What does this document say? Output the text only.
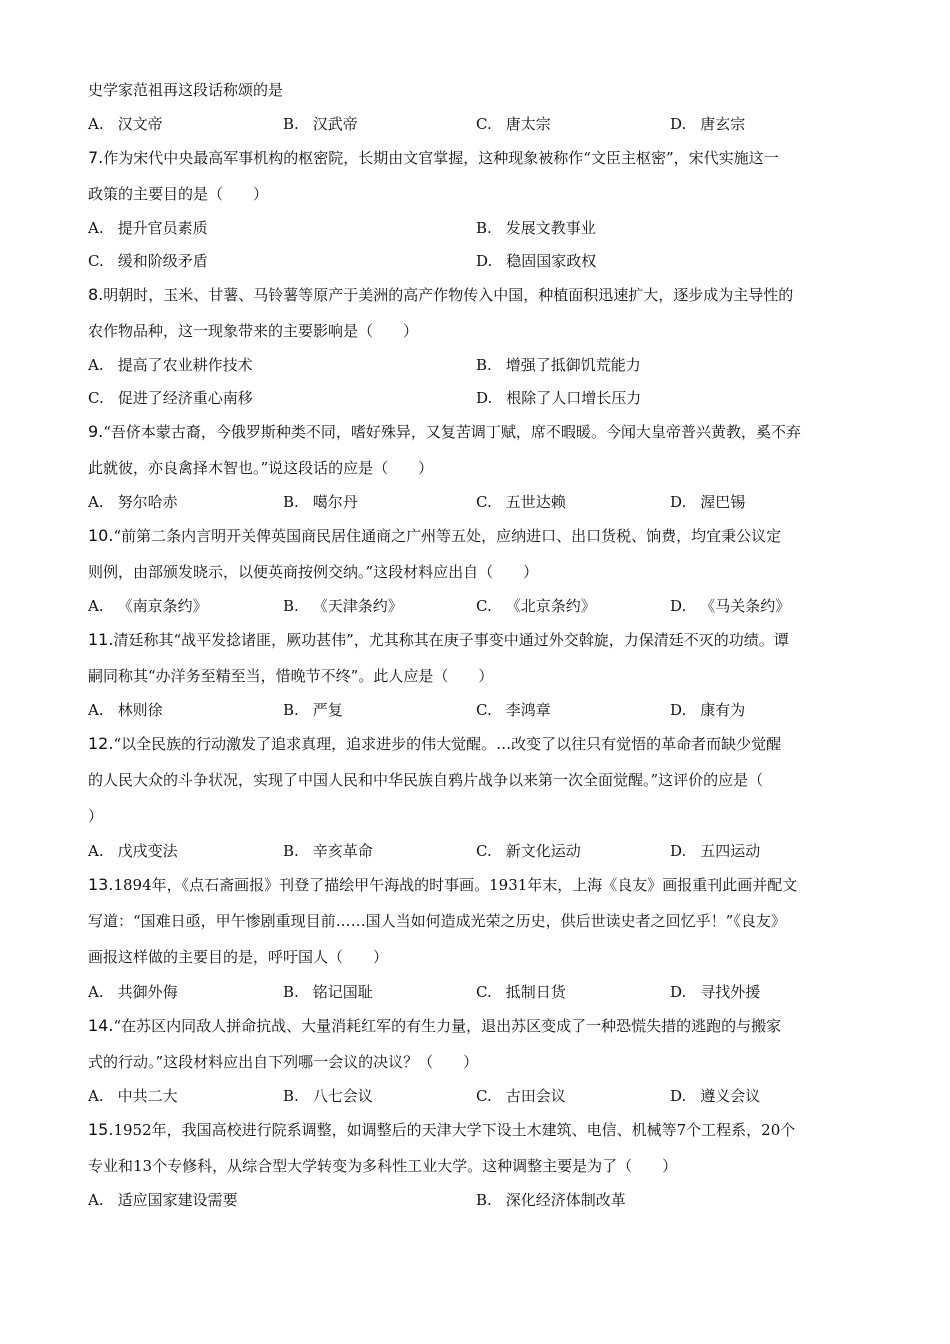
史学家范祖再这段话称颂的是
A. 汉文帝	B. 汉武帝	C. 唐太宗	D. 唐玄宗
7.作为宋代中央最高军事机构的枢密院，长期由文官掌握，这种现象被称作“文臣主枢密”，宋代实施这一
政策的主要目的是（　　）
A. 提升官员素质	B. 发展文教事业
C. 缓和阶级矛盾	D. 稳固国家政权
8.明朝时，玉米、甘薯、马铃薯等原产于美洲的高产作物传入中国，种植面积迅速扩大，逐步成为主导性的
农作物品种，这一现象带来的主要影响是（　　）
A. 提高了农业耕作技术	B. 增强了抵御饥荒能力
C. 促进了经济重心南移	D. 根除了人口增长压力
9.“吾侪本蒙古裔，今俄罗斯种类不同，嗜好殊异，又复苦调丁赋，席不暇暖。今闻大皇帝普兴黄教，奚不弃
此就彼，亦良禽择木智也。”说这段话的应是（　　）
A. 努尔哈赤	B. 噶尔丹	C. 五世达赖	D. 渥巴锡
10.“前第二条内言明开关俾英国商民居住通商之广州等五处，应纳进口、出口货税、饷费，均宜秉公议定
则例，由部颁发晓示，以便英商按例交纳。”这段材料应出自（　　）
A. 《南京条约》	B. 《天津条约》	C. 《北京条约》	D. 《马关条约》
11.清廷称其“战平发捻诸匪，厥功甚伟”，尤其称其在庚子事变中通过外交斡旋，力保清廷不灭的功绩。谭
嗣同称其“办洋务至精至当，惜晚节不终”。此人应是（　　）
A. 林则徐	B. 严复	C. 李鸿章	D. 康有为
12.“以全民族的行动激发了追求真理，追求进步的伟大觉醒。…改变了以往只有觉悟的革命者而缺少觉醒
的人民大众的斗争状况，实现了中国人民和中华民族自鸦片战争以来第一次全面觉醒。”这评价的应是（
）
A. 戊戌变法	B. 辛亥革命	C. 新文化运动	D. 五四运动
13.1894年，《点石斋画报》刊登了描绘甲午海战的时事画。1931年末，上海《良友》画报重刊此画并配文
写道：“国难日亟，甲午惨剧重现目前……国人当如何造成光荣之历史，供后世读史者之回忆乎！”《良友》
画报这样做的主要目的是，呼吁国人（　　）
A. 共御外侮	B. 铭记国耻	C. 抵制日货	D. 寻找外援
14.“在苏区内同敌人拼命抗战、大量消耗红军的有生力量，退出苏区变成了一种恐慌失措的逃跑的与搬家
式的行动。”这段材料应出自下列哪一会议的决议？（　　）
A. 中共二大	B. 八七会议	C. 古田会议	D. 遵义会议
15.1952年，我国高校进行院系调整，如调整后的天津大学下设土木建筑、电信、机械等7个工程系，20个
专业和13个专修科，从综合型大学转变为多科性工业大学。这种调整主要是为了（　　）
A. 适应国家建设需要	B. 深化经济体制改革
